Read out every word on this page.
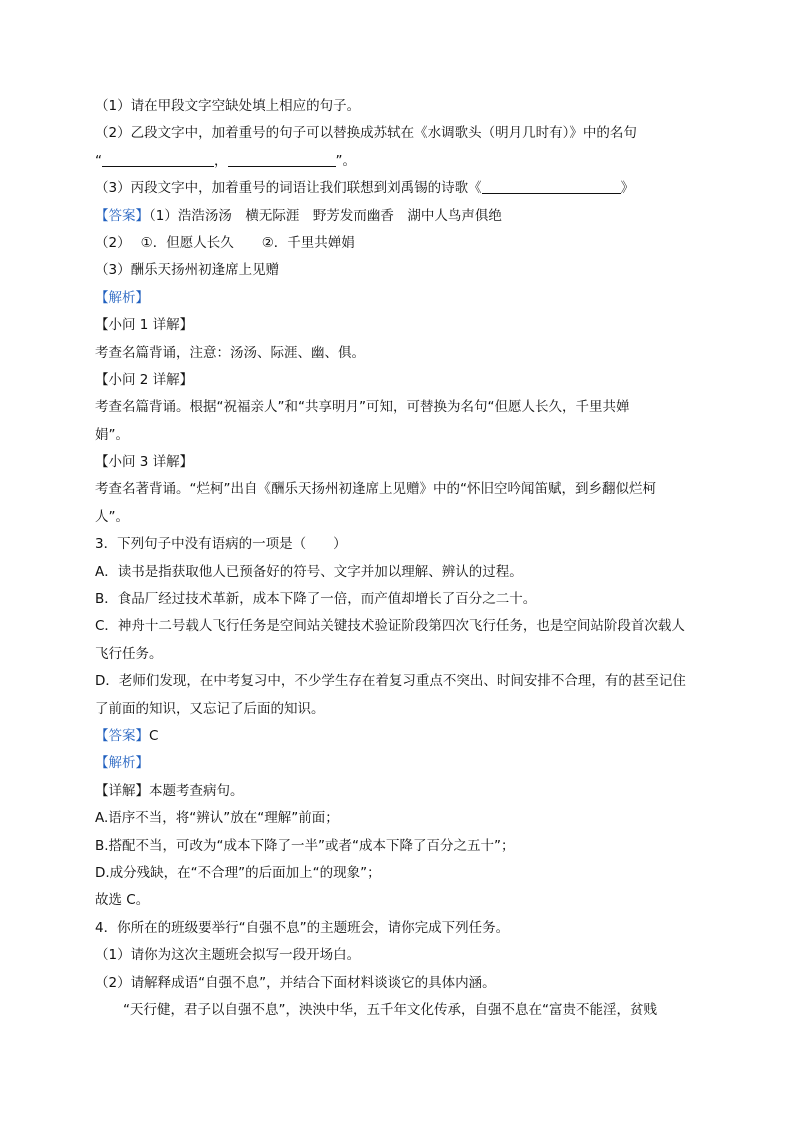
（1）请在甲段文字空缺处填上相应的句子。
（2）乙段文字中，加着重号的句子可以替换成苏轼在《水调歌头（明月几时有）》中的名句
“	，	”。
（3）丙段文字中，加着重号的词语让我们联想到刘禹锡的诗歌《	》
【答案】（1）浩浩汤汤　横无际涯　野芳发而幽香　湖中人鸟声俱绝
（2） ①．但愿人长久 ②．千里共婵娟
（3）酬乐天扬州初逢席上见赠
【解析】
【小问 1 详解】
考查名篇背诵，注意：汤汤、际涯、幽、俱。
【小问 2 详解】
考查名篇背诵。根据“祝福亲人”和“共享明月”可知，可替换为名句“但愿人长久，千里共婵
娟”。
【小问 3 详解】
考查名著背诵。“烂柯”出自《酬乐天扬州初逢席上见赠》中的“怀旧空吟闻笛赋，到乡翻似烂柯
人”。
3．下列句子中没有语病的一项是（　　）
A．读书是指获取他人已预备好的符号、文字并加以理解、辨认的过程。
B．食品厂经过技术革新，成本下降了一倍，而产值却增长了百分之二十。
C．神舟十二号载人飞行任务是空间站关键技术验证阶段第四次飞行任务，也是空间站阶段首次载人
飞行任务。
D．老师们发现，在中考复习中，不少学生存在着复习重点不突出、时间安排不合理，有的甚至记住
了前面的知识，又忘记了后面的知识。
【答案】C
【解析】
【详解】本题考查病句。
A.语序不当，将“辨认”放在“理解”前面；
B.搭配不当，可改为“成本下降了一半”或者“成本下降了百分之五十”；
D.成分残缺，在“不合理”的后面加上“的现象”；
故选 C。
4．你所在的班级要举行“自强不息”的主题班会，请你完成下列任务。
（1）请你为这次主题班会拟写一段开场白。
（2）请解释成语“自强不息”，并结合下面材料谈谈它的具体内涵。
“天行健，君子以自强不息”，泱泱中华，五千年文化传承，自强不息在“富贵不能淫，贫贱
